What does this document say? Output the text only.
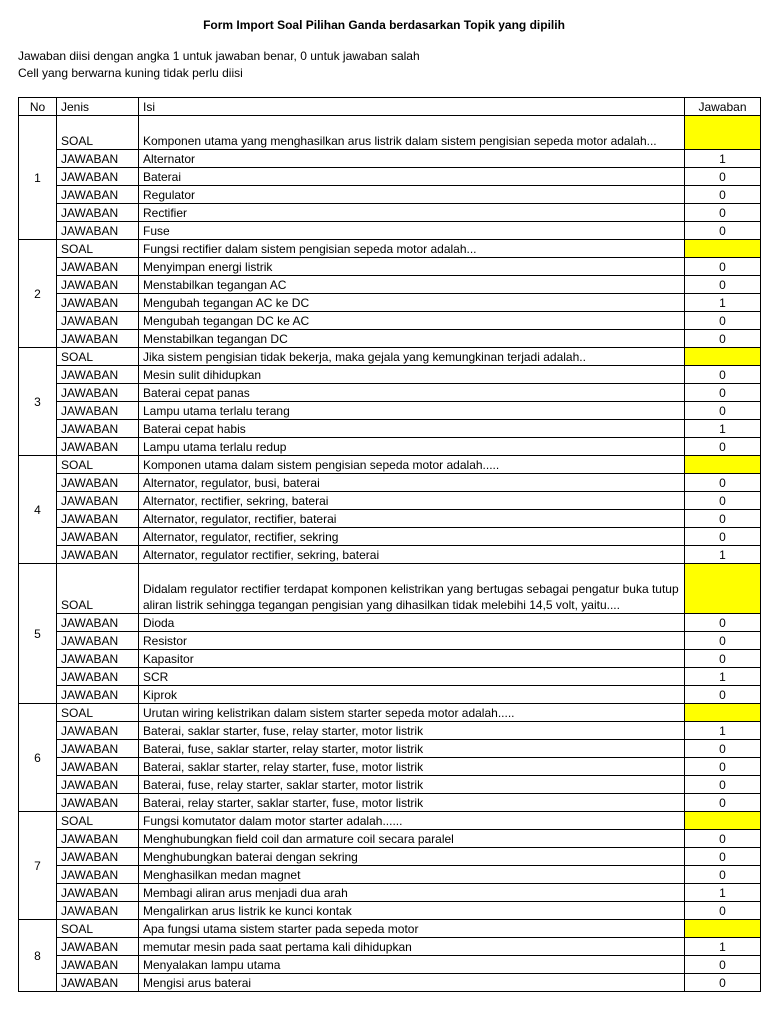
Form Import Soal Pilihan Ganda berdasarkan Topik yang dipilih
Jawaban diisi dengan angka 1 untuk jawaban benar, 0 untuk jawaban salah
Cell yang berwarna kuning tidak perlu diisi
No	Jenis	Isi	Jawaban
1	SOAL	Komponen utama yang menghasilkan arus listrik dalam sistem pengisian sepeda motor adalah...	
	JAWABAN	Alternator	1
	JAWABAN	Baterai	0
	JAWABAN	Regulator	0
	JAWABAN	Rectifier	0
	JAWABAN	Fuse	0
2	SOAL	Fungsi rectifier dalam sistem pengisian sepeda motor adalah...	
	JAWABAN	Menyimpan energi listrik	0
	JAWABAN	Menstabilkan tegangan AC	0
	JAWABAN	Mengubah tegangan AC ke DC	1
	JAWABAN	Mengubah tegangan DC ke AC	0
	JAWABAN	Menstabilkan tegangan DC	0
3	SOAL	Jika sistem pengisian tidak bekerja, maka gejala yang kemungkinan terjadi adalah..	
	JAWABAN	Mesin sulit dihidupkan	0
	JAWABAN	Baterai cepat panas	0
	JAWABAN	Lampu utama terlalu terang	0
	JAWABAN	Baterai cepat habis	1
	JAWABAN	Lampu utama terlalu redup	0
4	SOAL	Komponen utama dalam sistem pengisian sepeda motor adalah.....	
	JAWABAN	Alternator, regulator, busi, baterai	0
	JAWABAN	Alternator, rectifier, sekring, baterai	0
	JAWABAN	Alternator, regulator, rectifier, baterai	0
	JAWABAN	Alternator, regulator, rectifier, sekring	0
	JAWABAN	Alternator, regulator rectifier, sekring, baterai	1
5	SOAL	Didalam regulator rectifier terdapat komponen kelistrikan yang bertugas sebagai pengatur buka tutup aliran listrik sehingga tegangan pengisian yang dihasilkan tidak melebihi 14,5 volt, yaitu....	
	JAWABAN	Dioda	0
	JAWABAN	Resistor	0
	JAWABAN	Kapasitor	0
	JAWABAN	SCR	1
	JAWABAN	Kiprok	0
6	SOAL	Urutan wiring kelistrikan dalam sistem starter sepeda motor adalah.....	
	JAWABAN	Baterai, saklar starter, fuse, relay starter, motor listrik	1
	JAWABAN	Baterai, fuse, saklar starter, relay starter, motor listrik	0
	JAWABAN	Baterai, saklar starter, relay starter, fuse, motor listrik	0
	JAWABAN	Baterai, fuse, relay starter, saklar starter, motor listrik	0
	JAWABAN	Baterai, relay starter, saklar starter, fuse, motor listrik	0
7	SOAL	Fungsi komutator dalam motor starter adalah......	
	JAWABAN	Menghubungkan field coil dan armature coil secara paralel	0
	JAWABAN	Menghubungkan baterai dengan sekring	0
	JAWABAN	Menghasilkan medan magnet	0
	JAWABAN	Membagi aliran arus menjadi dua arah	1
	JAWABAN	Mengalirkan arus listrik ke kunci kontak	0
8	SOAL	Apa fungsi utama sistem starter pada sepeda motor	
	JAWABAN	memutar mesin pada saat pertama kali dihidupkan	1
	JAWABAN	Menyalakan lampu utama	0
	JAWABAN	Mengisi arus baterai	0
